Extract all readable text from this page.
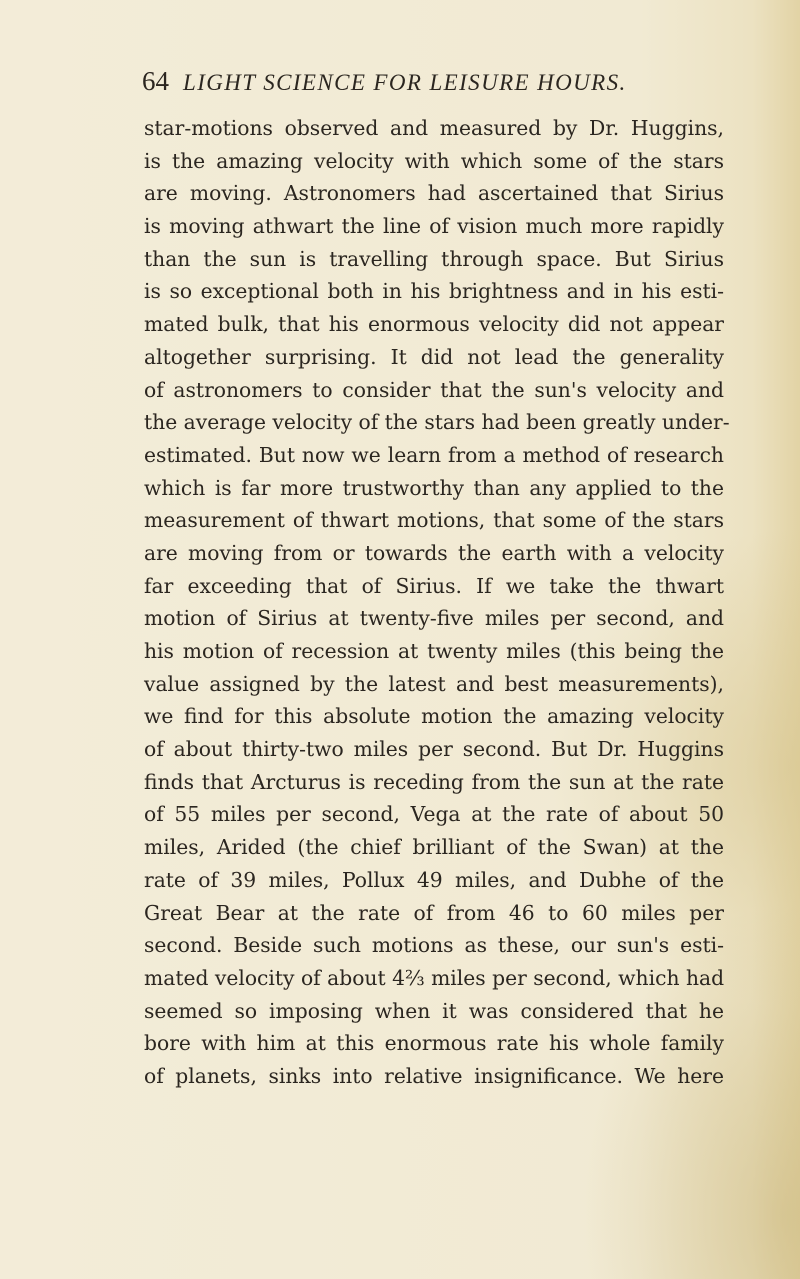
64 LIGHT SCIENCE FOR LEISURE HOURS.
star-motions observed and measured by Dr. Huggins,
is the amazing velocity with which some of the stars
are moving. Astronomers had ascertained that Sirius
is moving athwart the line of vision much more rapidly
than the sun is travelling through space. But Sirius
is so exceptional both in his brightness and in his esti-
mated bulk, that his enormous velocity did not appear
altogether surprising. It did not lead the generality
of astronomers to consider that the sun's velocity and
the average velocity of the stars had been greatly under-
estimated. But now we learn from a method of research
which is far more trustworthy than any applied to the
measurement of thwart motions, that some of the stars
are moving from or towards the earth with a velocity
far exceeding that of Sirius. If we take the thwart
motion of Sirius at twenty-five miles per second, and
his motion of recession at twenty miles (this being the
value assigned by the latest and best measurements),
we find for this absolute motion the amazing velocity
of about thirty-two miles per second. But Dr. Huggins
finds that Arcturus is receding from the sun at the rate
of 55 miles per second, Vega at the rate of about 50
miles, Arided (the chief brilliant of the Swan) at the
rate of 39 miles, Pollux 49 miles, and Dubhe of the
Great Bear at the rate of from 46 to 60 miles per
second. Beside such motions as these, our sun's esti-
mated velocity of about 4⅔ miles per second, which had
seemed so imposing when it was considered that he
bore with him at this enormous rate his whole family
of planets, sinks into relative insignificance. We here
